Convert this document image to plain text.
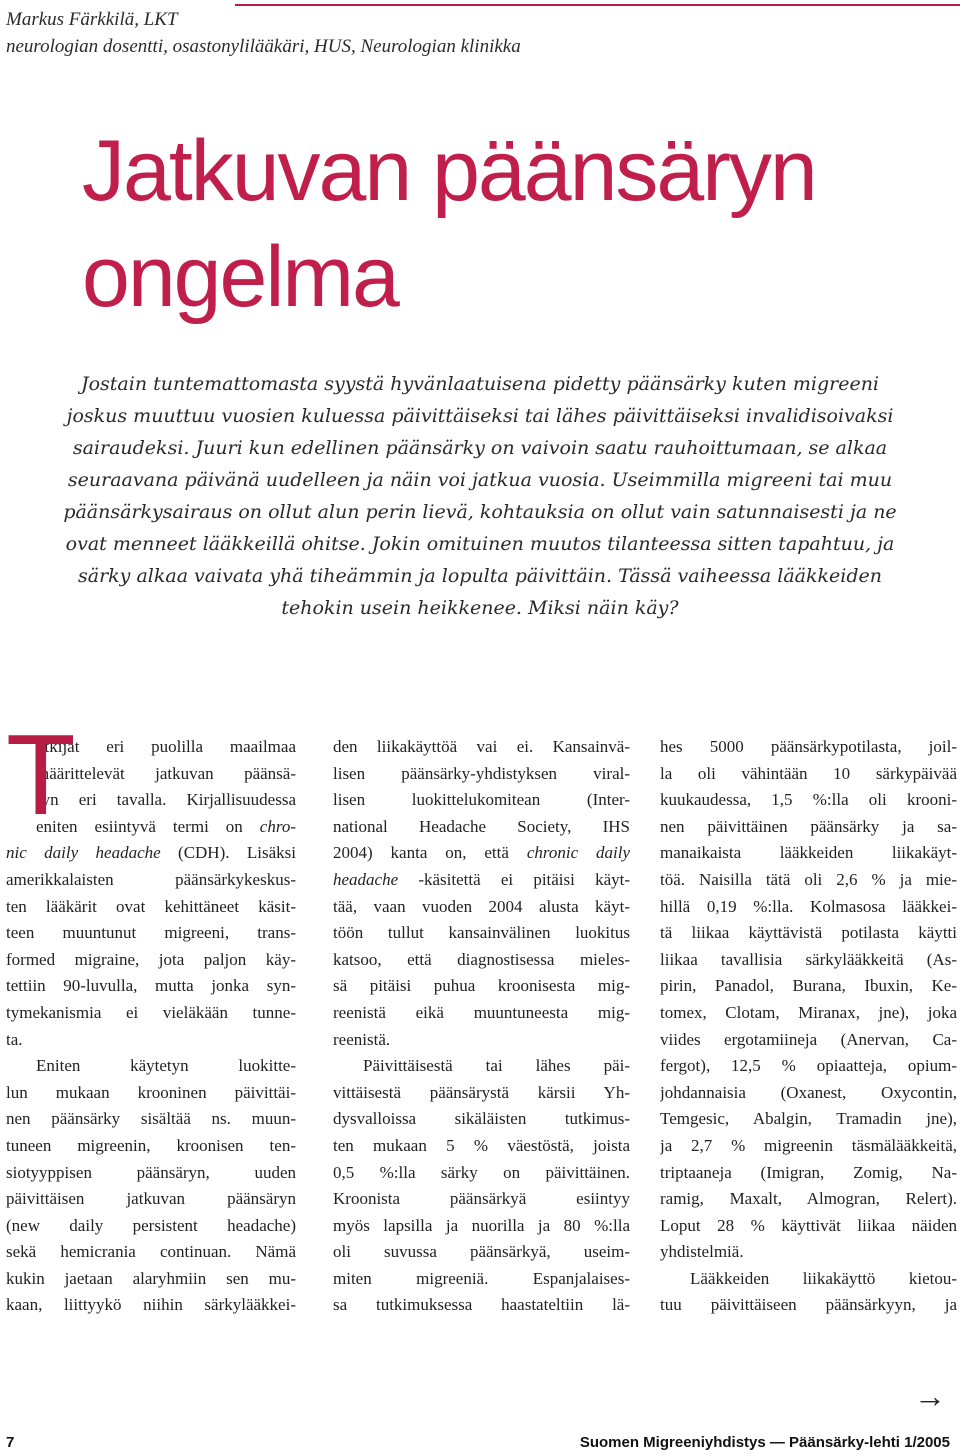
Markus Färkkilä, LKT
neurologian dosentti, osastonylilääkäri, HUS, Neurologian klinikka
Jatkuvan päänsäryn
ongelma

Jostain tuntemattomasta syystä hyvänlaatuisena pidetty päänsärky kuten migreeni joskus muuttuu vuosien kuluessa päivittäiseksi tai lähes päivittäiseksi invalidisoivaksi sairaudeksi. Juuri kun edellinen päänsärky on vaivoin saatu rauhoittumaan, se alkaa seuraavana päivänä uudelleen ja näin voi jatkua vuosia. Useimmilla migreeni tai muu päänsärkysairaus on ollut alun perin lievä, kohtauksia on ollut vain satunnaisesti ja ne ovat menneet lääkkeillä ohitse. Jokin omituinen muutos tilanteessa sitten tapahtuu, ja särky alkaa vaivata yhä tiheämmin ja lopulta päivittäin. Tässä vaiheessa lääkkeiden tehokin usein heikkenee. Miksi näin käy?

utkijat eri puolilla maailmaa
määrittelevät jatkuvan päänsä-
ryn eri tavalla. Kirjallisuudessa
eniten esiintyvä termi on chro-
nic daily headache (CDH). Lisäksi
amerikkalaisten päänsärkykeskus-
ten lääkärit ovat kehittäneet käsit-
teen muuntunut migreeni, trans-
formed migraine, jota paljon käy-
tettiin 90-luvulla, mutta jonka syn-
tymekanismia ei vieläkään tunne-
ta.
Eniten käytetyn luokitte-
lun mukaan krooninen päivittäi-
nen päänsärky sisältää ns. muun-
tuneen migreenin, kroonisen ten-
siotyyppisen päänsäryn, uuden
päivittäisen jatkuvan päänsäryn
(new daily persistent headache)
sekä hemicrania continuan. Nämä
kukin jaetaan alaryhmiin sen mu-
kaan, liittyykö niihin särkylääkkei-
T	den liikakäyttöä vai ei. Kansainvä-
lisen päänsärky-yhdistyksen viral-
lisen luokittelukomitean (Inter-
national Headache Society, IHS
2004) kanta on, että chronic daily
headache -käsitettä ei pitäisi käyt-
tää, vaan vuoden 2004 alusta käyt-
töön tullut kansainvälinen luokitus
katsoo, että diagnostisessa mieles-
sä pitäisi puhua kroonisesta mig-
reenistä eikä muuntuneesta mig-
reenistä.
Päivittäisestä tai lähes päi-
vittäisestä päänsärystä kärsii Yh-
dysvalloissa sikäläisten tutkimus-
ten mukaan 5 % väestöstä, joista
0,5 %:lla särky on päivittäinen.
Kroonista päänsärkyä esiintyy
myös lapsilla ja nuorilla ja 80 %:lla
oli suvussa päänsärkyä, useim-
miten migreeniä. Espanjalaises-
sa tutkimuksessa haastateltiin lä-
hes 5000 päänsärkypotilasta, joil-
la oli vähintään 10 särkypäivää
kuukaudessa, 1,5 %:lla oli krooni-
nen päivittäinen päänsärky ja sa-
manaikaista lääkkeiden liikakäyt-
töä. Naisilla tätä oli 2,6 % ja mie-
hillä 0,19 %:lla. Kolmasosa lääkkei-
tä liikaa käyttävistä potilasta käytti
liikaa tavallisia särkylääkkeitä (As-
pirin, Panadol, Burana, Ibuxin, Ke-
tomex, Clotam, Miranax, jne), joka
viides ergotamiineja (Anervan, Ca-
fergot), 12,5 % opiaatteja, opium-
johdannaisia (Oxanest, Oxycontin,
Temgesic, Abalgin, Tramadin jne),
ja 2,7 % migreenin täsmälääkkeitä,
triptaaneja (Imigran, Zomig, Na-
ramig, Maxalt, Almogran, Relert).
Loput 28 % käyttivät liikaa näiden
yhdistelmiä.
Lääkkeiden liikakäyttö kietou-
tuu päivittäiseen päänsärkyyn, ja
→
7	Suomen Migreeniyhdistys — Päänsärky-lehti 1/2005
